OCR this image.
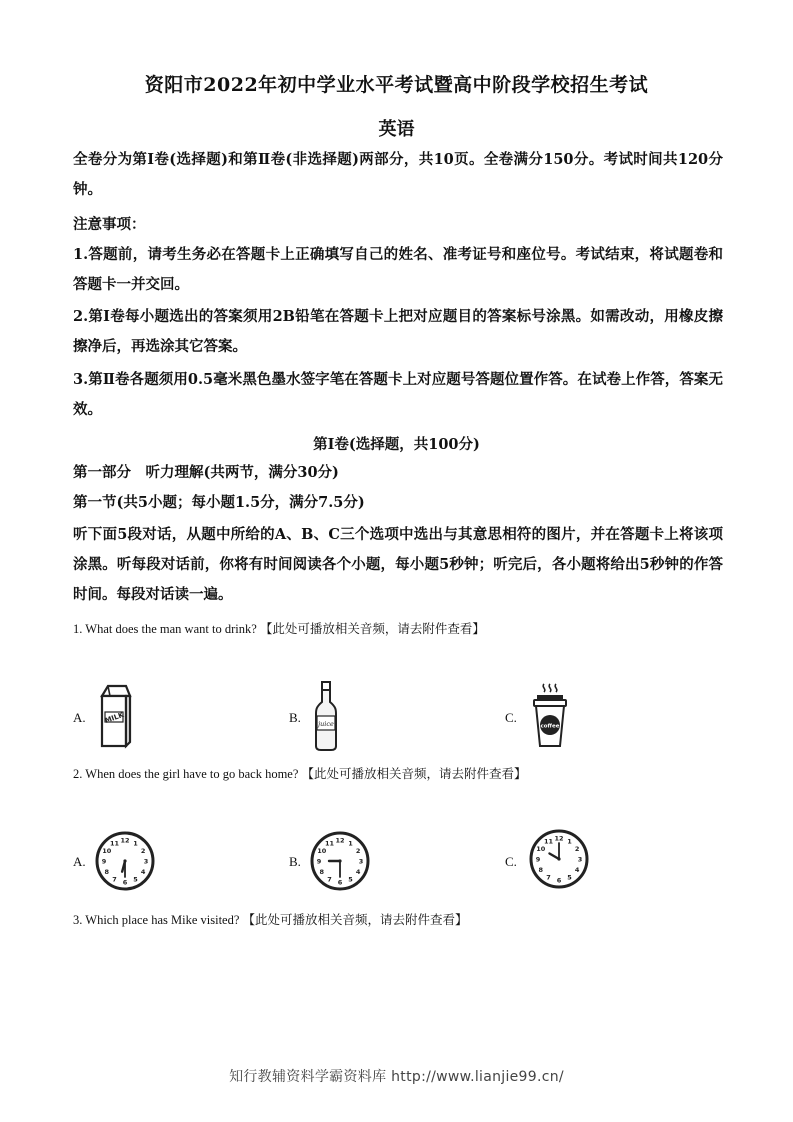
资阳市2022年初中学业水平考试暨高中阶段学校招生考试
英语
全卷分为第Ⅰ卷(选择题)和第Ⅱ卷(非选择题)两部分，共10页。全卷满分150分。考试时间共120分钟。
注意事项：
1.答题前，请考生务必在答题卡上正确填写自己的姓名、准考证号和座位号。考试结束，将试题卷和答题卡一并交回。
2.第Ⅰ卷每小题选出的答案须用2B铅笔在答题卡上把对应题目的答案标号涂黑。如需改动，用橡皮擦擦净后，再选涂其它答案。
3.第Ⅱ卷各题须用0.5毫米黑色墨水签字笔在答题卡上对应题号答题位置作答。在试卷上作答，答案无效。
第Ⅰ卷(选择题，共100分)
第一部分　听力理解(共两节，满分30分)
第一节(共5小题；每小题1.5分，满分7.5分)
听下面5段对话，从题中所给的A、B、C三个选项中选出与其意思相符的图片，并在答题卡上将该项涂黑。听每段对话前，你将有时间阅读各个小题，每小题5秒钟；听完后，各小题将给出5秒钟的作答时间。每段对话读一遍。
1. What does the man want to drink? 【此处可播放相关音频，请去附件查看】
A.	MILK	B.	juice	C.
coffee
2. When does the girl have to go back home? 【此处可播放相关音频，请去附件查看】
A.
12 1
2
3
4
5
6
7
8
9
10
11
B.
12 1
2
3
4
5
6
7
8
9
10
11
C.
12 1
2
3
4
5
6
7
8
9
10
11
3. Which place has Mike visited? 【此处可播放相关音频，请去附件查看】
知行教辅资料学霸资料库 http://www.lianjie99.cn/
